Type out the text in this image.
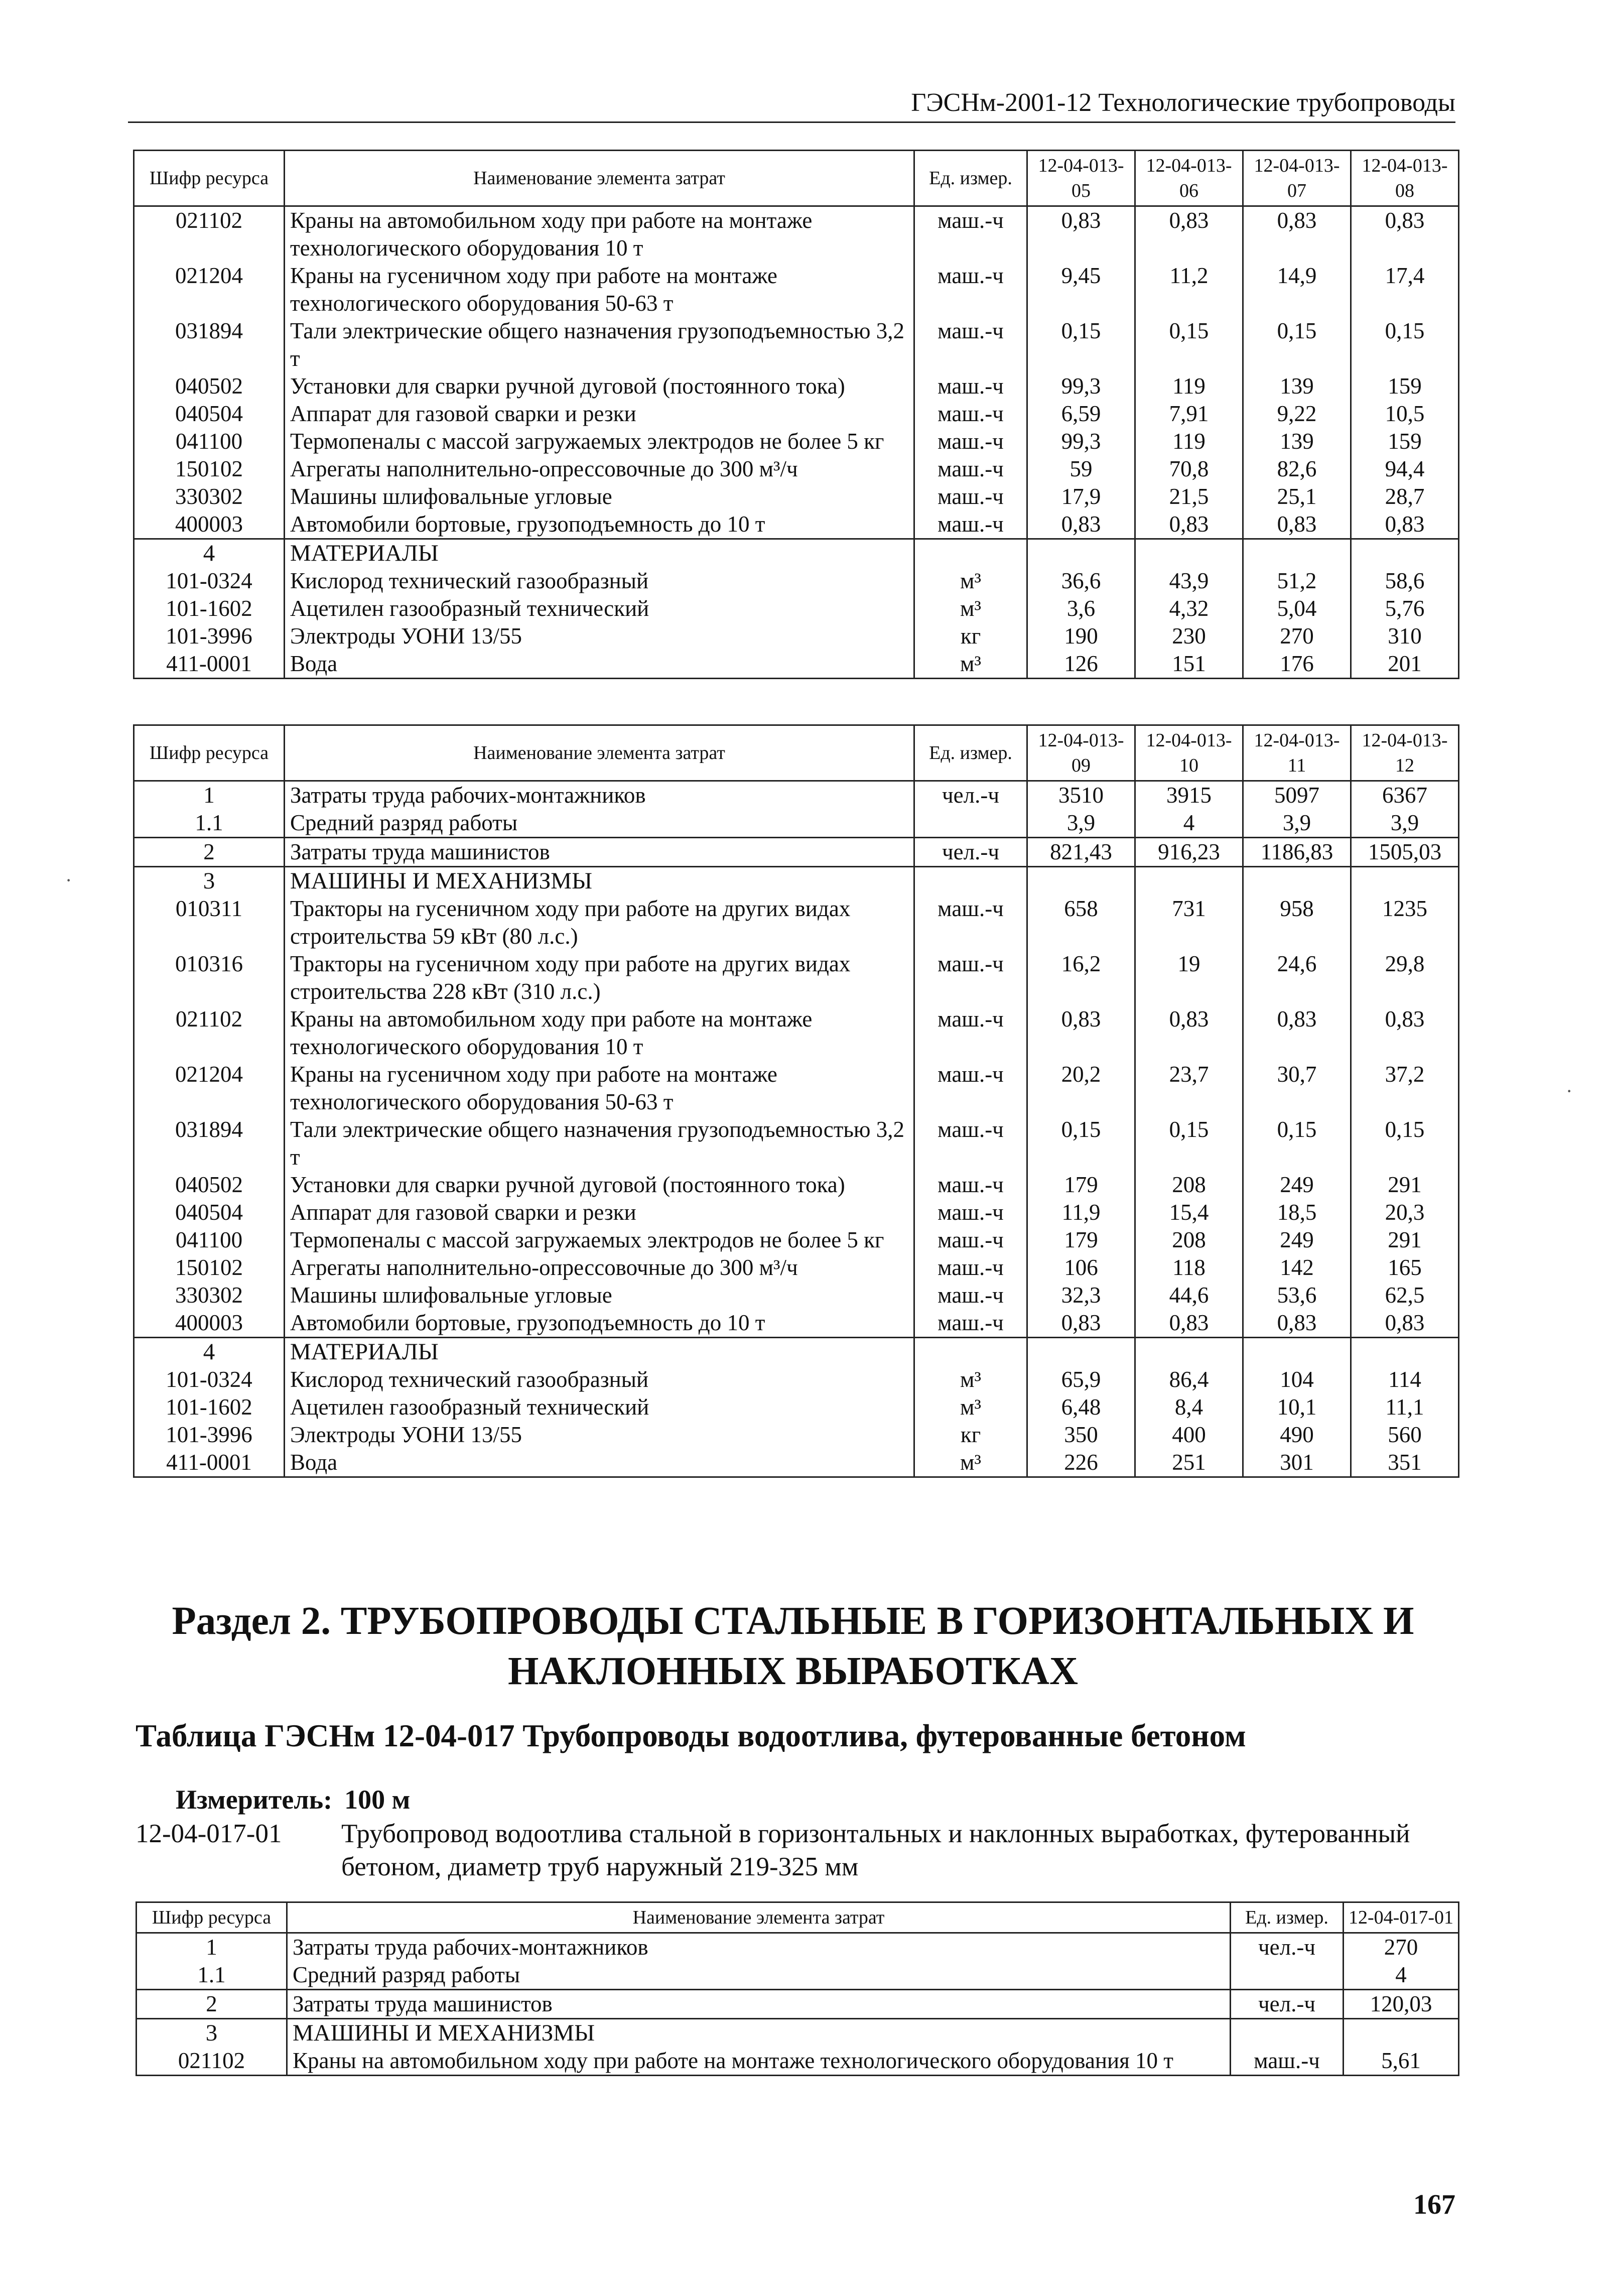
ГЭСНм-2001-12 Технологические трубопроводы
Шифр ресурса	Наименование элемента затрат	Ед. измер.	12-04-013-05	12-04-013-06	12-04-013-07	12-04-013-08
021102	Краны на автомобильном ходу при работе на монтаже технологического оборудования 10 т	маш.-ч	0,83	0,83	0,83	0,83
021204	Краны на гусеничном ходу при работе на монтаже технологического оборудования 50-63 т	маш.-ч	9,45	11,2	14,9	17,4
031894	Тали электрические общего назначения грузоподъемностью 3,2 т	маш.-ч	0,15	0,15	0,15	0,15
040502	Установки для сварки ручной дуговой (постоянного тока)	маш.-ч	99,3	119	139	159
040504	Аппарат для газовой сварки и резки	маш.-ч	6,59	7,91	9,22	10,5
041100	Термопеналы с массой загружаемых электродов не более 5 кг	маш.-ч	99,3	119	139	159
150102	Агрегаты наполнительно-опрессовочные до 300 м³/ч	маш.-ч	59	70,8	82,6	94,4
330302	Машины шлифовальные угловые	маш.-ч	17,9	21,5	25,1	28,7
400003	Автомобили бортовые, грузоподъемность до 10 т	маш.-ч	0,83	0,83	0,83	0,83
4	МАТЕРИАЛЫ					
101-0324	Кислород технический газообразный	м³	36,6	43,9	51,2	58,6
101-1602	Ацетилен газообразный технический	м³	3,6	4,32	5,04	5,76
101-3996	Электроды УОНИ 13/55	кг	190	230	270	310
411-0001	Вода	м³	126	151	176	201
Шифр ресурса	Наименование элемента затрат	Ед. измер.	12-04-013-09	12-04-013-10	12-04-013-11	12-04-013-12
1	Затраты труда рабочих-монтажников	чел.-ч	3510	3915	5097	6367
1.1	Средний разряд работы		3,9	4	3,9	3,9
2	Затраты труда машинистов	чел.-ч	821,43	916,23	1186,83	1505,03
3	МАШИНЫ И МЕХАНИЗМЫ					
010311	Тракторы на гусеничном ходу при работе на других видах строительства 59 кВт (80 л.с.)	маш.-ч	658	731	958	1235
010316	Тракторы на гусеничном ходу при работе на других видах строительства 228 кВт (310 л.с.)	маш.-ч	16,2	19	24,6	29,8
021102	Краны на автомобильном ходу при работе на монтаже технологического оборудования 10 т	маш.-ч	0,83	0,83	0,83	0,83
021204	Краны на гусеничном ходу при работе на монтаже технологического оборудования 50-63 т	маш.-ч	20,2	23,7	30,7	37,2
031894	Тали электрические общего назначения грузоподъемностью 3,2 т	маш.-ч	0,15	0,15	0,15	0,15
040502	Установки для сварки ручной дуговой (постоянного тока)	маш.-ч	179	208	249	291
040504	Аппарат для газовой сварки и резки	маш.-ч	11,9	15,4	18,5	20,3
041100	Термопеналы с массой загружаемых электродов не более 5 кг	маш.-ч	179	208	249	291
150102	Агрегаты наполнительно-опрессовочные до 300 м³/ч	маш.-ч	106	118	142	165
330302	Машины шлифовальные угловые	маш.-ч	32,3	44,6	53,6	62,5
400003	Автомобили бортовые, грузоподъемность до 10 т	маш.-ч	0,83	0,83	0,83	0,83
4	МАТЕРИАЛЫ					
101-0324	Кислород технический газообразный	м³	65,9	86,4	104	114
101-1602	Ацетилен газообразный технический	м³	6,48	8,4	10,1	11,1
101-3996	Электроды УОНИ 13/55	кг	350	400	490	560
411-0001	Вода	м³	226	251	301	351
Раздел 2. ТРУБОПРОВОДЫ СТАЛЬНЫЕ В ГОРИЗОНТАЛЬНЫХ И НАКЛОННЫХ ВЫРАБОТКАХ
Таблица ГЭСНм 12-04-017 Трубопроводы водоотлива, футерованные бетоном
Измеритель: 100 м
12-04-017-01 Трубопровод водоотлива стальной в горизонтальных и наклонных выработках, футерованный бетоном, диаметр труб наружный 219-325 мм
Шифр ресурса	Наименование элемента затрат	Ед. измер.	12-04-017-01
1	Затраты труда рабочих-монтажников	чел.-ч	270
1.1	Средний разряд работы		4
2	Затраты труда машинистов	чел.-ч	120,03
3	МАШИНЫ И МЕХАНИЗМЫ		
021102	Краны на автомобильном ходу при работе на монтаже технологического оборудования 10 т	маш.-ч	5,61
167
·
·
